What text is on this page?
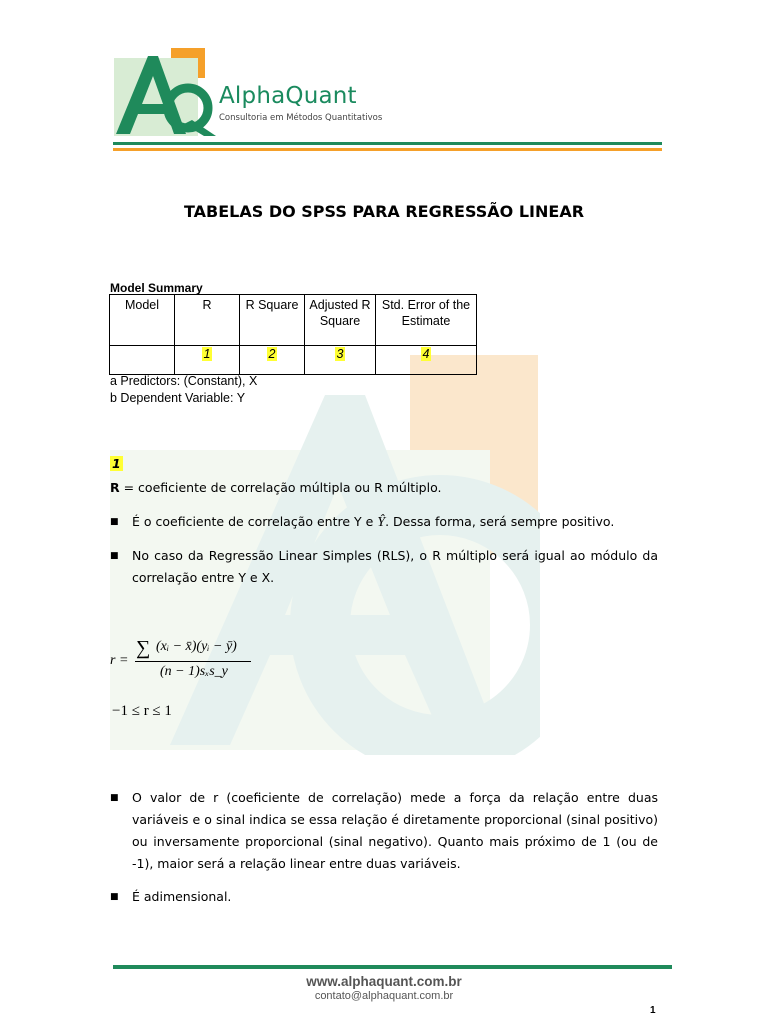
AlphaQuant
Consultoria em Métodos Quantitativos
TABELAS DO SPSS PARA REGRESSÃO LINEAR
Model Summary
Model	R	R Square	Adjusted R Square	Std. Error of the Estimate

	1	2	3	4
a Predictors: (Constant), X
b Dependent Variable: Y
1
R = coeficiente de correlação múltipla ou R múltiplo.
■ É o coeficiente de correlação entre Y e Ŷ. Dessa forma, será sempre positivo.
■ No caso da Regressão Linear Simples (RLS), o R múltiplo será igual ao módulo da correlação entre Y e X.
r =
∑ (xᵢ − x̄)(yᵢ − ȳ)
(n − 1)sₓs_y
−1 ≤ r ≤ 1
■ O valor de r (coeficiente de correlação) mede a força da relação entre duas variáveis e o sinal indica se essa relação é diretamente proporcional (sinal positivo) ou inversamente proporcional (sinal negativo). Quanto mais próximo de 1 (ou de -1), maior será a relação linear entre duas variáveis.
■ É adimensional.
www.alphaquant.com.br
contato@alphaquant.com.br
1
